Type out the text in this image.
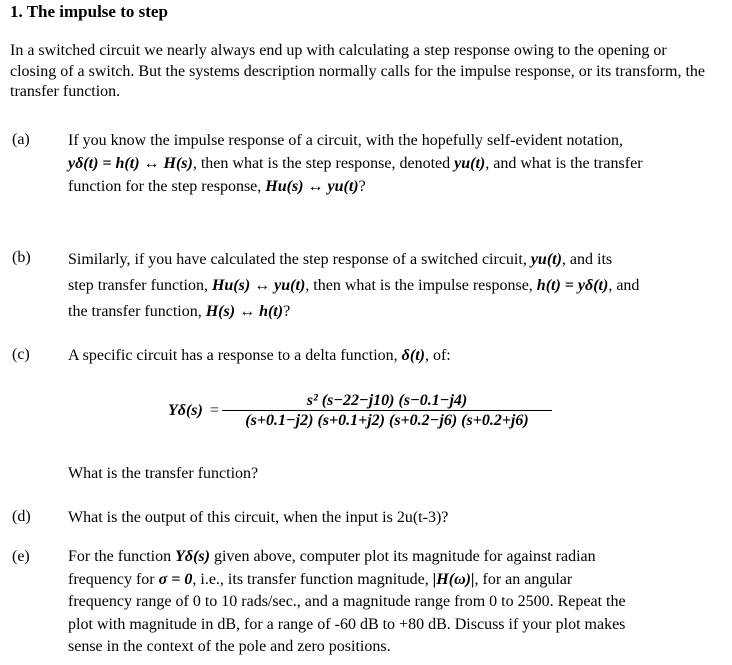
1. The impulse to step
In a switched circuit we nearly always end up with calculating a step response owing to the opening or closing of a switch. But the systems description normally calls for the impulse response, or its transform, the transfer function.
(a) If you know the impulse response of a circuit, with the hopefully self-evident notation,
yδ(t) = h(t) ↔ H(s), then what is the step response, denoted yu(t), and what is the transfer
function for the step response, Hu(s) ↔ yu(t)?
(b) Similarly, if you have calculated the step response of a switched circuit, yu(t), and its
step transfer function, Hu(s) ↔ yu(t), then what is the impulse response, h(t) = yδ(t), and
the transfer function, H(s) ↔ h(t)?
(c) A specific circuit has a response to a delta function, δ(t), of:
$Y\delta(s) = \frac{\text{s² (s−22−j10) (s−0.1−j4)}}{(s+0.1-j2) (s+0.1+j2) (s+0.2-j6) (s+0.2+j6)}$
What is the transfer function?
(d) What is the output of this circuit, when the input is 2u(t-3)?
(e) For the function Yδ(s) given above, computer plot its magnitude for against radian
frequency for σ = 0, i.e., its transfer function magnitude, |H(ω)|, for an angular
frequency range of 0 to 10 rads/sec., and a magnitude range from 0 to 2500. Repeat the
plot with magnitude in dB, for a range of -60 dB to +80 dB. Discuss if your plot makes
sense in the context of the pole and zero positions.
